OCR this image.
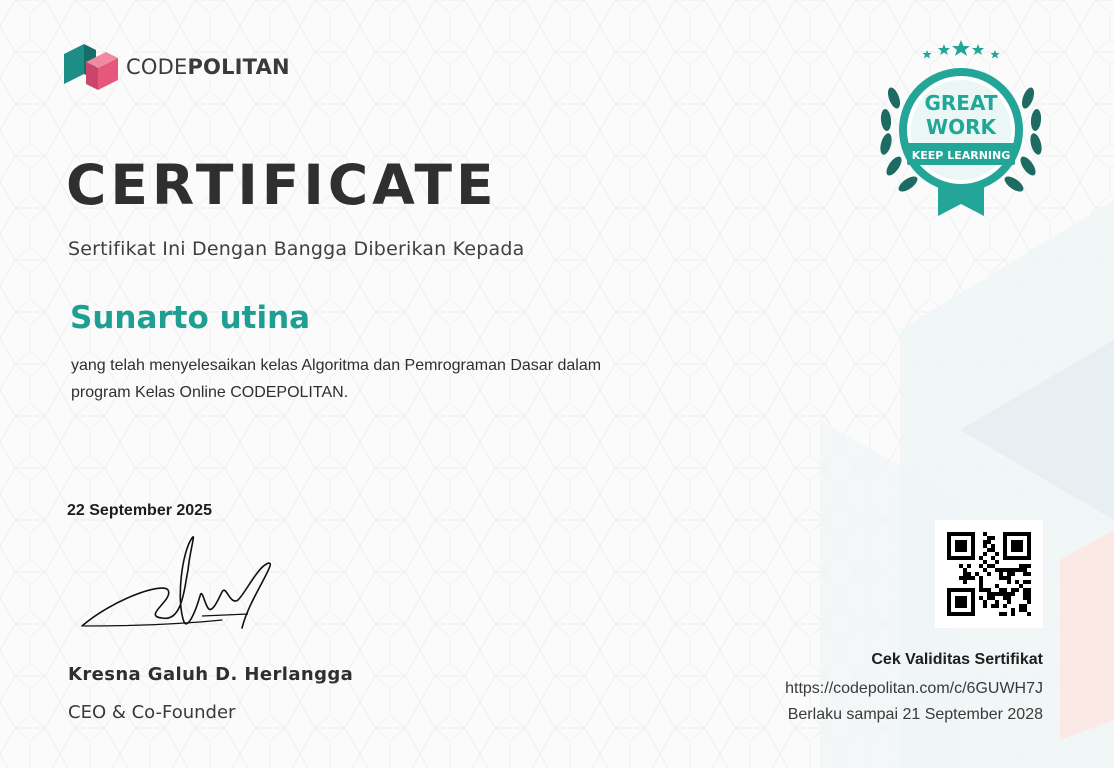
CODEPOLITAN
CERTIFICATE
Sertifikat Ini Dengan Bangga Diberikan Kepada
Sunarto utina
yang telah menyelesaikan kelas Algoritma dan Pemrograman Dasar dalam
program Kelas Online CODEPOLITAN.
22 September 2025
Kresna Galuh D. Herlangga
CEO & Co-Founder
GREAT
WORK
KEEP LEARNING
Cek Validitas Sertifikat
https://codepolitan.com/c/6GUWH7J
Berlaku sampai 21 September 2028
